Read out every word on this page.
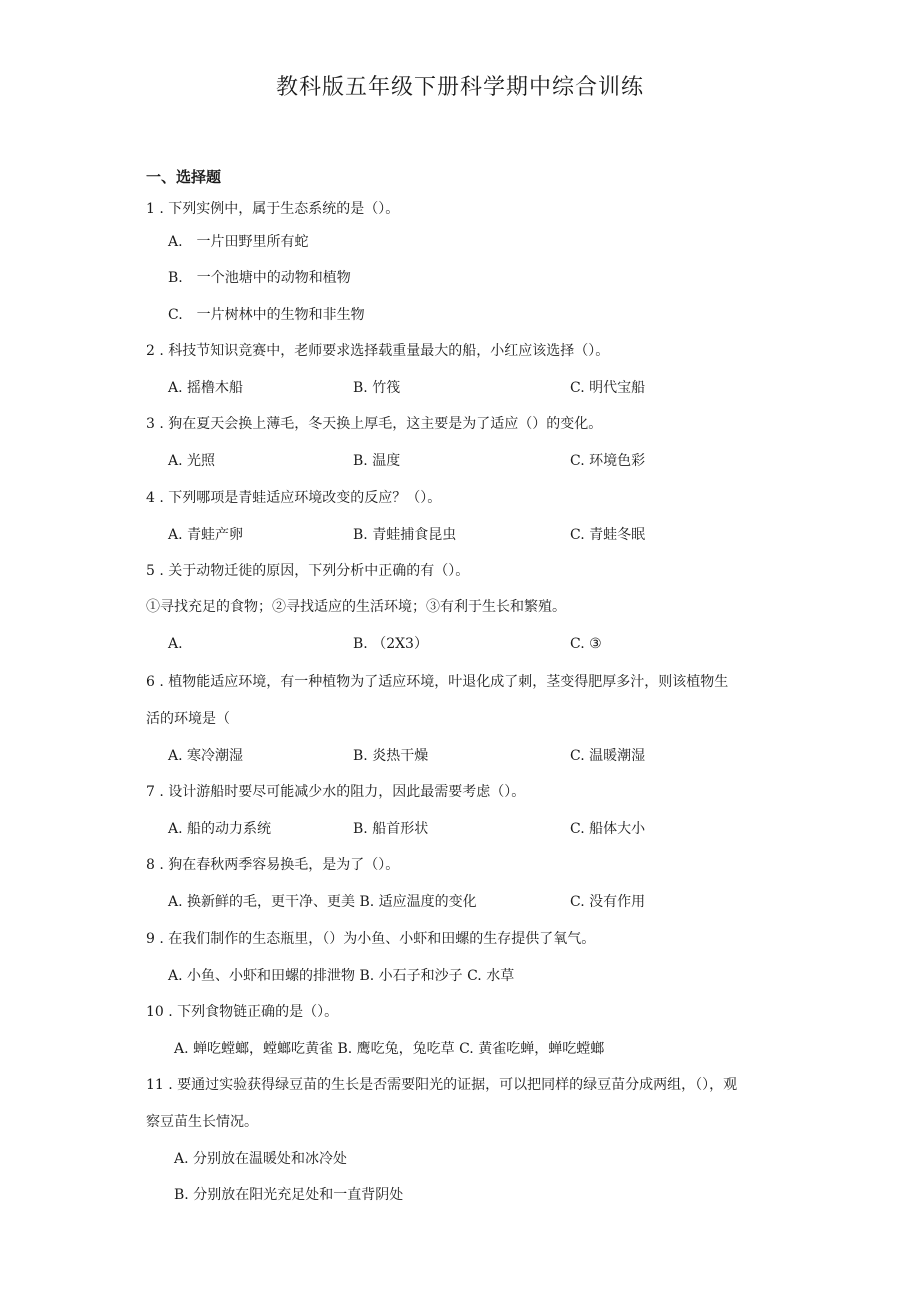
教科版五年级下册科学期中综合训练
一、选择题
1 . 下列实例中，属于生态系统的是（）。
A.　一片田野里所有蛇
B.　一个池塘中的动物和植物
C.　一片树林中的生物和非生物
2 . 科技节知识竞赛中，老师要求选择载重量最大的船，小红应该选择（）。
A. 摇橹木船	B. 竹筏	C. 明代宝船
3 . 狗在夏天会换上薄毛，冬天换上厚毛，这主要是为了适应（）的变化。
A. 光照	B. 温度	C. 环境色彩
4 . 下列哪项是青蛙适应环境改变的反应？（）。
A. 青蛙产卵	B. 青蛙捕食昆虫	C. 青蛙冬眠
5 . 关于动物迁徙的原因，下列分析中正确的有（）。
①寻找充足的食物；②寻找适应的生活环境；③有利于生长和繁殖。
A.	B. （2X3）	C. ③
6 . 植物能适应环境，有一种植物为了适应环境，叶退化成了刺，茎变得肥厚多汁，则该植物生
活的环境是（
A. 寒冷潮湿	B. 炎热干燥	C. 温暖潮湿
7 . 设计游船时要尽可能减少水的阻力，因此最需要考虑（）。
A. 船的动力系统	B. 船首形状	C. 船体大小
8 . 狗在春秋两季容易换毛，是为了（）。
A. 换新鲜的毛，更干净、更美 B. 适应温度的变化	C. 没有作用
9 . 在我们制作的生态瓶里，（）为小鱼、小虾和田螺的生存提供了氧气。
A. 小鱼、小虾和田螺的排泄物 B. 小石子和沙子 C. 水草
10 . 下列食物链正确的是（）。
A. 蝉吃螳螂，螳螂吃黄雀 B. 鹰吃兔，兔吃草 C. 黄雀吃蝉，蝉吃螳螂
11 . 要通过实验获得绿豆苗的生长是否需要阳光的证据，可以把同样的绿豆苗分成两组，（），观
察豆苗生长情况。
A. 分别放在温暖处和冰冷处
B. 分别放在阳光充足处和一直背阴处
